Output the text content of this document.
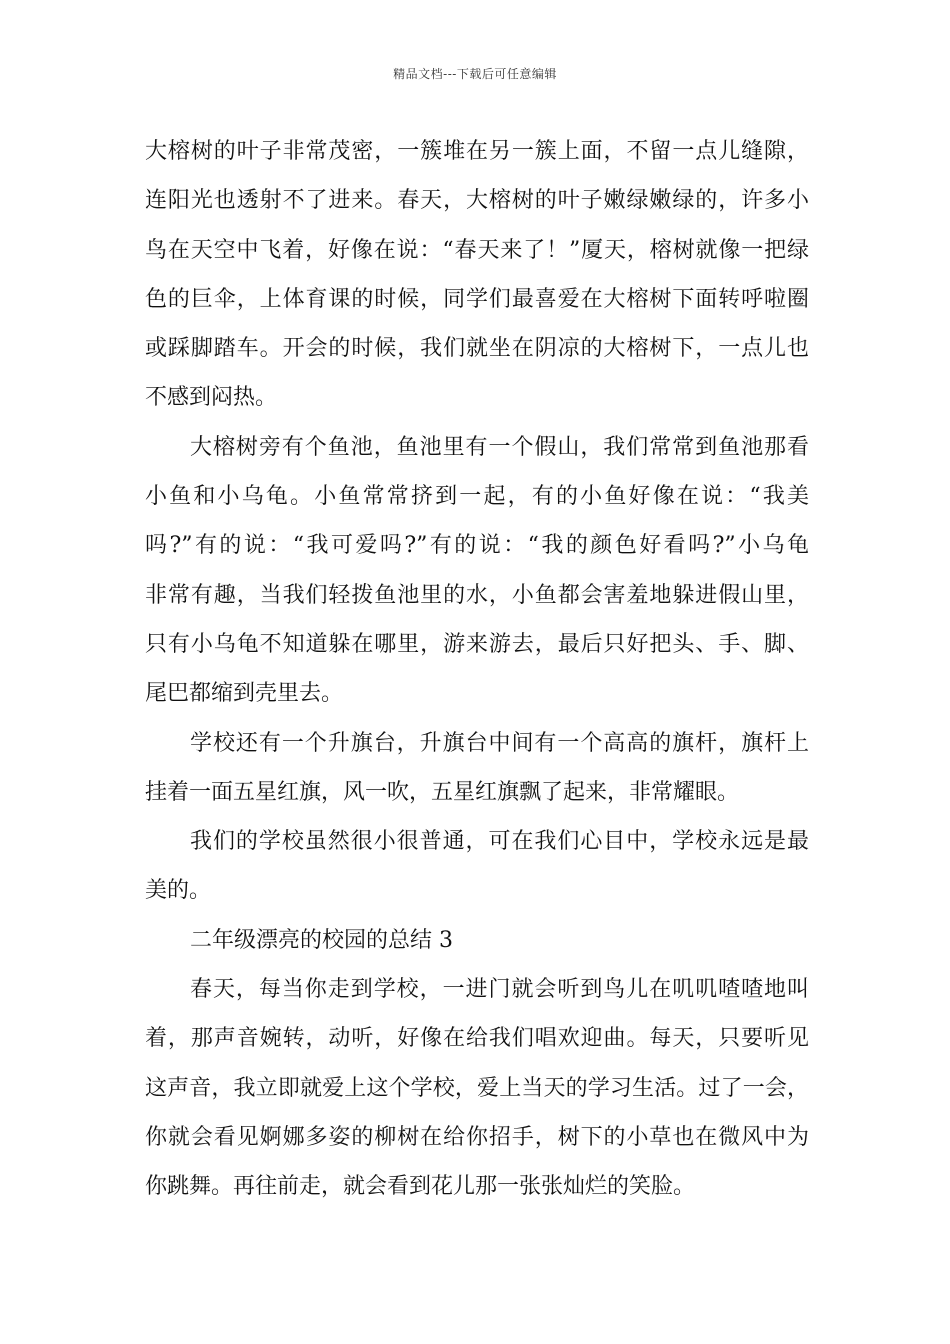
精品文档---下载后可任意编辑
大榕树的叶子非常茂密，一簇堆在另一簇上面，不留一点儿缝隙，
连阳光也透射不了进来。春天，大榕树的叶子嫩绿嫩绿的，许多小
鸟在天空中飞着，好像在说：“春天来了！”厦天，榕树就像一把绿
色的巨伞，上体育课的时候，同学们最喜爱在大榕树下面转呼啦圈
或踩脚踏车。开会的时候，我们就坐在阴凉的大榕树下，一点儿也
不感到闷热。
大榕树旁有个鱼池，鱼池里有一个假山，我们常常到鱼池那看
小鱼和小乌龟。小鱼常常挤到一起，有的小鱼好像在说：“我美
吗?”有的说：“我可爱吗?”有的说：“我的颜色好看吗?”小乌龟
非常有趣，当我们轻拨鱼池里的水，小鱼都会害羞地躲进假山里，
只有小乌龟不知道躲在哪里，游来游去，最后只好把头、手、脚、
尾巴都缩到壳里去。
学校还有一个升旗台，升旗台中间有一个高高的旗杆，旗杆上
挂着一面五星红旗，风一吹，五星红旗飘了起来，非常耀眼。
我们的学校虽然很小很普通，可在我们心目中，学校永远是最
美的。
二年级漂亮的校园的总结 3
春天，每当你走到学校，一进门就会听到鸟儿在叽叽喳喳地叫
着，那声音婉转，动听，好像在给我们唱欢迎曲。每天，只要听见
这声音，我立即就爱上这个学校，爱上当天的学习生活。过了一会，
你就会看见婀娜多姿的柳树在给你招手，树下的小草也在微风中为
你跳舞。再往前走，就会看到花儿那一张张灿烂的笑脸。
